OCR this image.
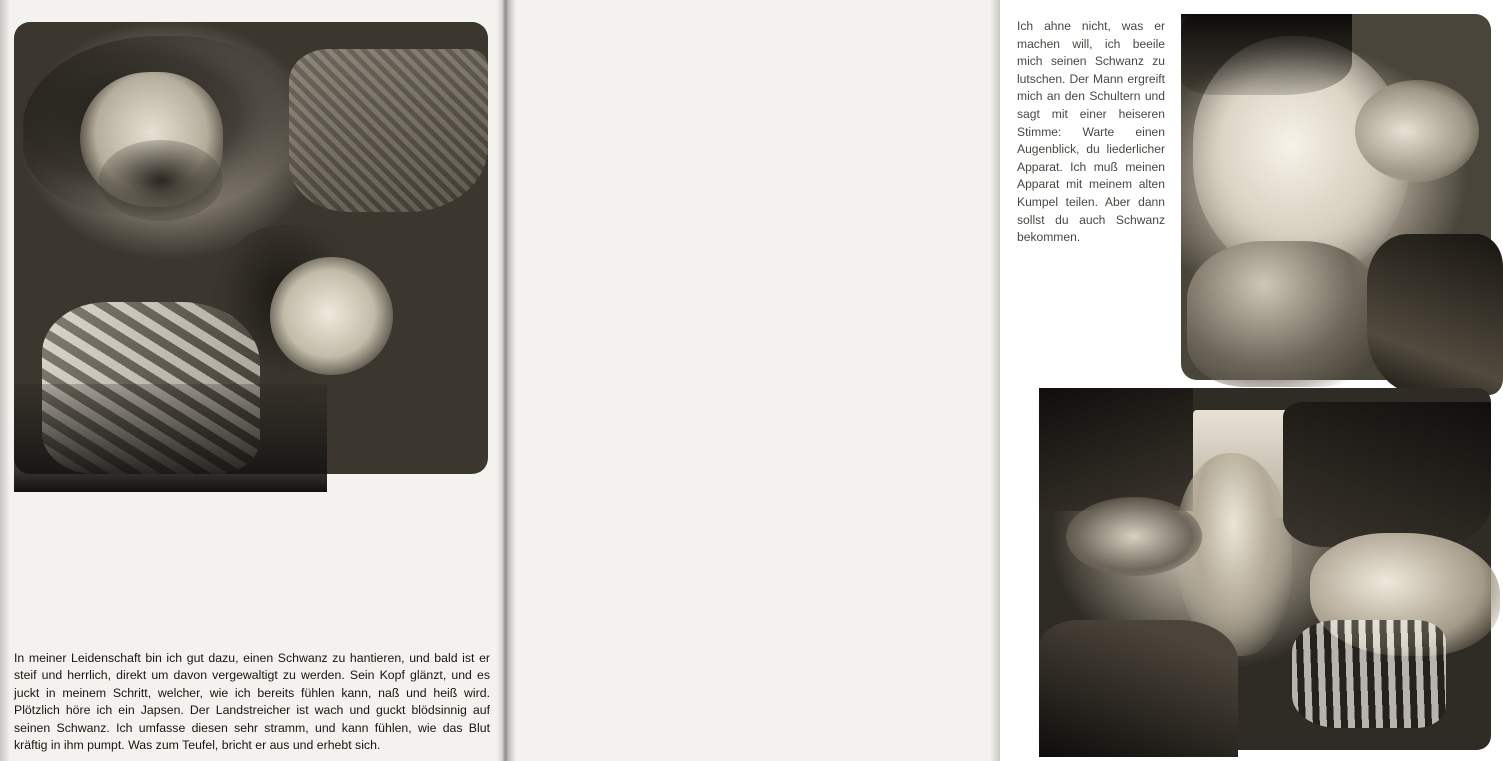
In meiner Leidenschaft bin ich gut dazu, einen Schwanz zu hantieren, und bald ist er steif und herrlich, direkt um davon vergewaltigt zu werden. Sein Kopf glänzt, und es juckt in meinem Schritt, welcher, wie ich bereits fühlen kann, naß und heiß wird. Plötzlich höre ich ein Japsen. Der Landstreicher ist wach und guckt blödsinnig auf seinen Schwanz. Ich umfasse diesen sehr stramm, und kann fühlen, wie das Blut kräftig in ihm pumpt. Was zum Teufel, bricht er aus und erhebt sich.
Ich ahne nicht, was er machen will, ich beeile mich seinen Schwanz zu lutschen. Der Mann ergreift mich an den Schultern und sagt mit einer heiseren Stimme: Warte einen Augenblick, du liederlicher Apparat. Ich muß meinen Apparat mit meinem alten Kumpel teilen. Aber dann sollst du auch Schwanz bekommen.
